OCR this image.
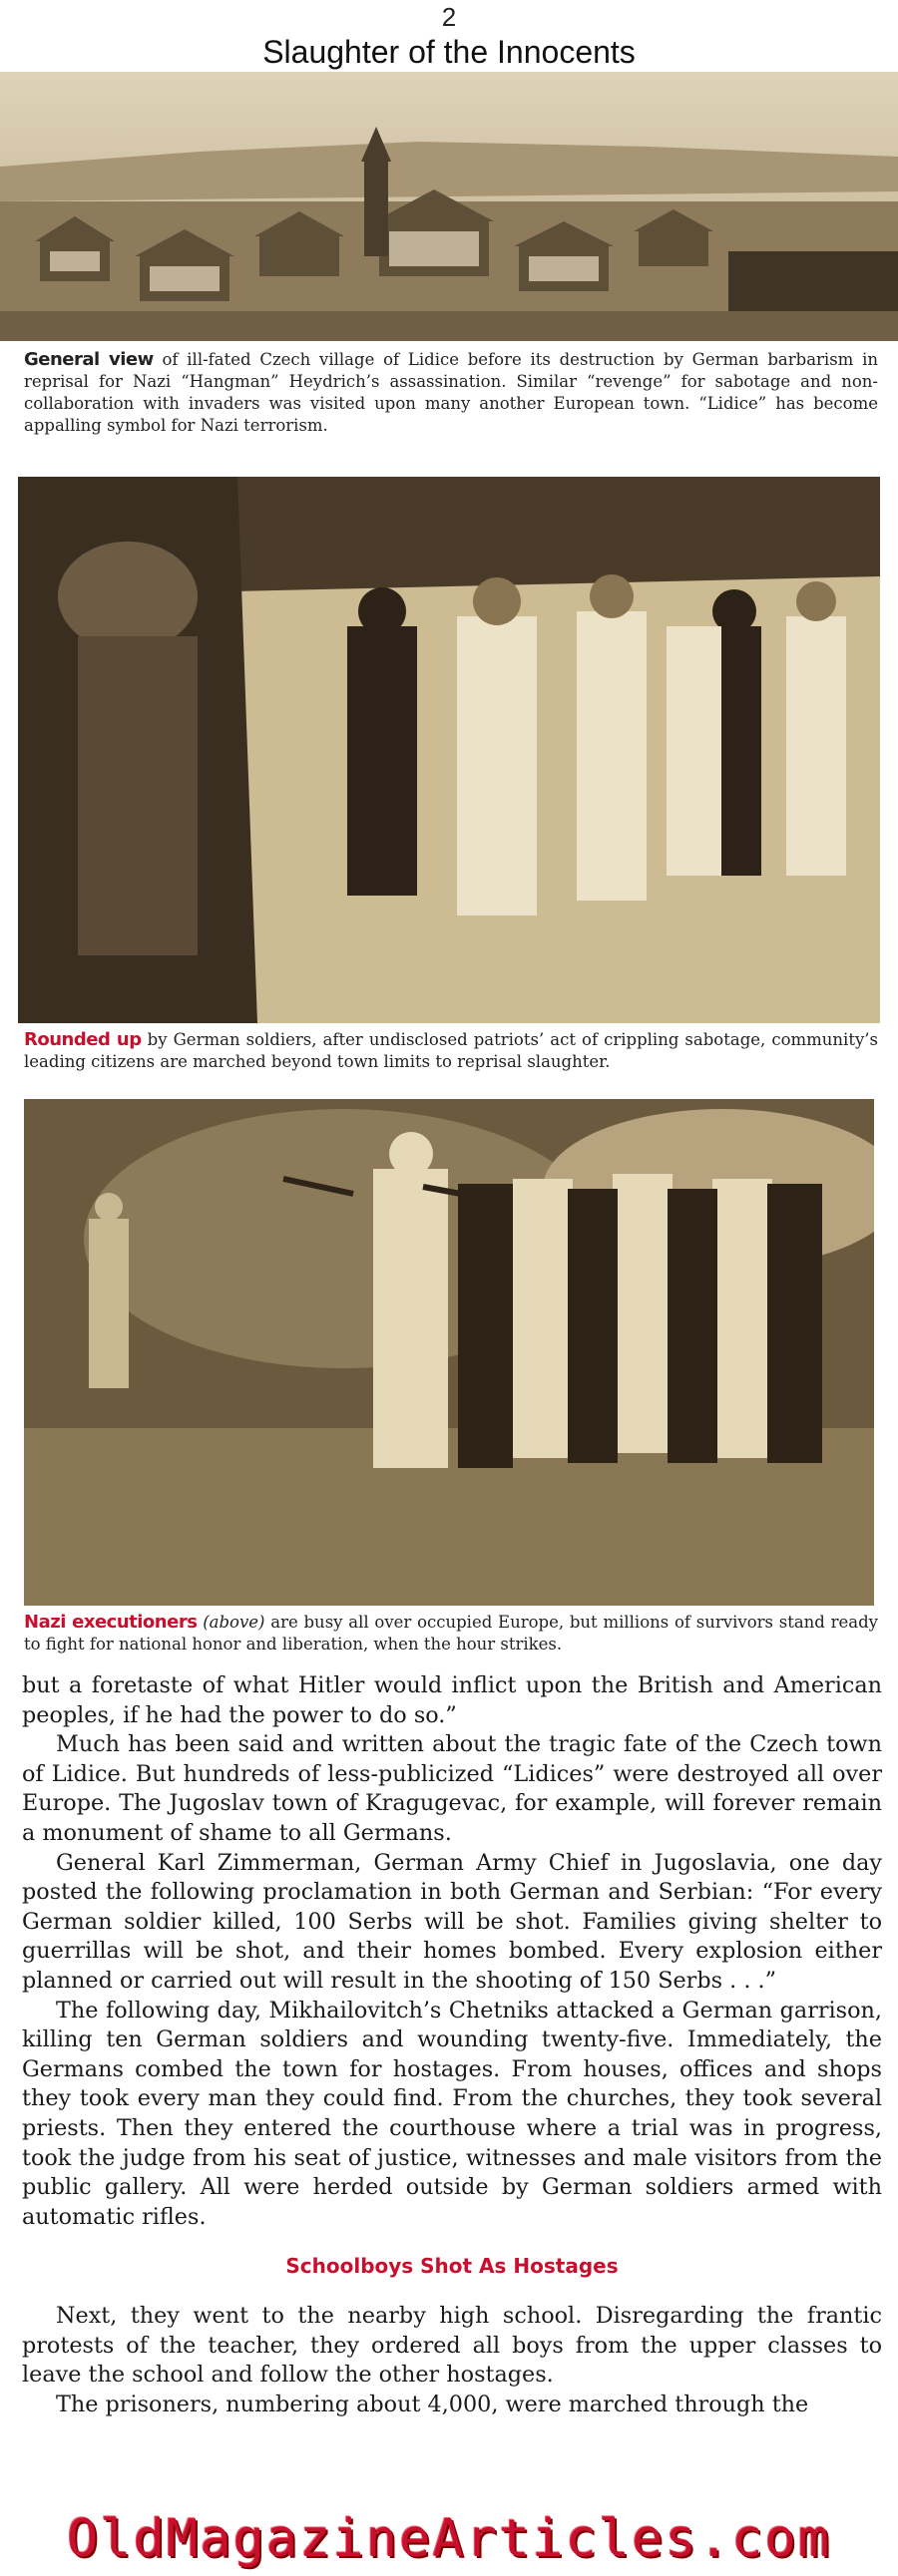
2
Slaughter of the Innocents
General view of ill-fated Czech village of Lidice before its destruction by German barbarism in reprisal for Nazi “Hangman” Heydrich’s assassination. Similar “revenge” for sabotage and non-collaboration with invaders was visited upon many another European town. “Lidice” has become appalling symbol for Nazi terrorism.
Rounded up by German soldiers, after undisclosed patriots’ act of crippling sabotage, community’s leading citizens are marched beyond town limits to reprisal slaughter.
Nazi executioners (above) are busy all over occupied Europe, but millions of survivors stand ready to fight for national honor and liberation, when the hour strikes.

but a foretaste of what Hitler would inflict upon the British and American peoples, if he had the power to do so.”

Much has been said and written about the tragic fate of the Czech town of Lidice. But hundreds of less-publicized “Lidices” were destroyed all over Europe. The Jugoslav town of Kragugevac, for example, will forever remain a monument of shame to all Germans.

General Karl Zimmerman, German Army Chief in Jugoslavia, one day posted the following proclamation in both German and Serbian: “For every German soldier killed, 100 Serbs will be shot. Families giving shelter to guerrillas will be shot, and their homes bombed. Every explosion either planned or carried out will result in the shooting of 150 Serbs . . .”

The following day, Mikhailovitch’s Chetniks attacked a German garrison, killing ten German soldiers and wounding twenty-five. Immediately, the Germans combed the town for hostages. From houses, offices and shops they took every man they could find. From the churches, they took several priests. Then they entered the courthouse where a trial was in progress, took the judge from his seat of justice, witnesses and male visitors from the public gallery. All were herded outside by German soldiers armed with automatic rifles.

Schoolboys Shot As Hostages

Next, they went to the nearby high school. Disregarding the frantic protests of the teacher, they ordered all boys from the upper classes to leave the school and follow the other hostages.

The prisoners, numbering about 4,000, were marched through the

OldMagazineArticles.com
